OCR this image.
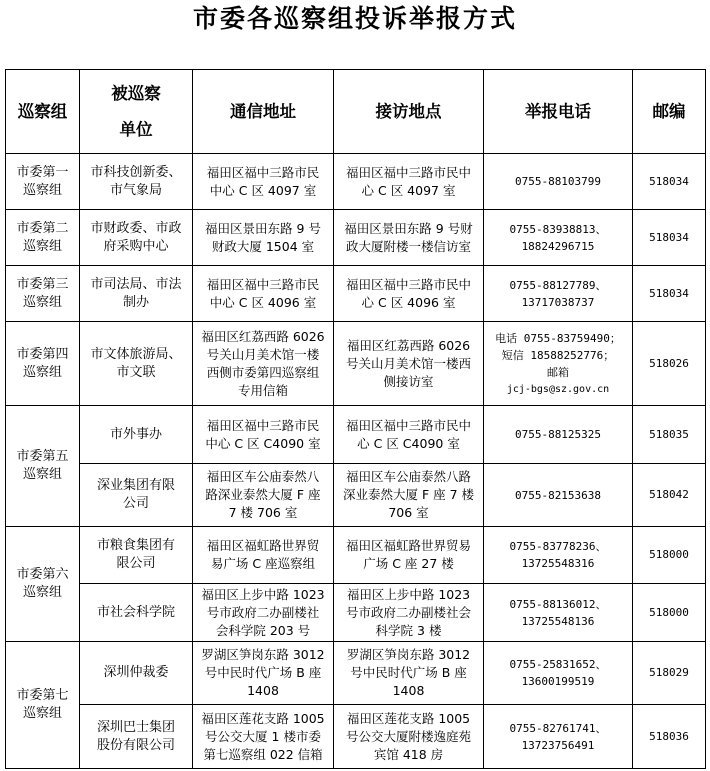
市委各巡察组投诉举报方式
巡察组	被巡察
单位	通信地址	接访地点	举报电话	邮编

市委第一
巡察组	市科技创新委、
市气象局	福田区福中三路市民
中心 C 区 4097 室	福田区福中三路市民中
心 C 区 4097 室	0755-88103799	518034

市委第二
巡察组	市财政委、市政
府采购中心	福田区景田东路 9 号
财政大厦 1504 室	福田区景田东路 9 号财
政大厦附楼一楼信访室	0755-83938813、
18824296715	518034

市委第三
巡察组	市司法局、市法
制办	福田区福中三路市民
中心 C 区 4096 室	福田区福中三路市民中
心 C 区 4096 室	0755-88127789、
13717038737	518034

市委第四
巡察组	市文体旅游局、
市文联	福田区红荔西路 6026
号关山月美术馆一楼
西侧市委第四巡察组
专用信箱	福田区红荔西路 6026
号关山月美术馆一楼西
侧接访室	电话 0755-83759490；
短信 18588252776；
邮箱
jcj-bgs@sz.gov.cn	518026

市委第五
巡察组	市外事办	福田区福中三路市民
中心 C 区 C4090 室	福田区福中三路市民中
心 C 区 C4090 室	0755-88125325	518035

	深业集团有限
公司	福田区车公庙泰然八
路深业泰然大厦 F 座
7 楼 706 室	福田区车公庙泰然八路
深业泰然大厦 F 座 7 楼
706 室	0755-82153638	518042

市委第六
巡察组	市粮食集团有
限公司	福田区福虹路世界贸
易广场 C 座巡察组	福田区福虹路世界贸易
广场 C 座 27 楼	0755-83778236、
13725548316	518000

	市社会科学院	福田区上步中路 1023
号市政府二办副楼社
会科学院 203 号	福田区上步中路 1023
号市政府二办副楼社会
科学院 3 楼	0755-88136012、
13725548136	518000

市委第七
巡察组	深圳仲裁委	罗湖区笋岗东路 3012
号中民时代广场 B 座
1408	罗湖区笋岗东路 3012
号中民时代广场 B 座
1408	0755-25831652、
13600199519	518029

	深圳巴士集团
股份有限公司	福田区莲花支路 1005
号公交大厦 1 楼市委
第七巡察组 022 信箱	福田区莲花支路 1005
号公交大厦附楼逸庭苑
宾馆 418 房	0755-82761741、
13723756491	518036
